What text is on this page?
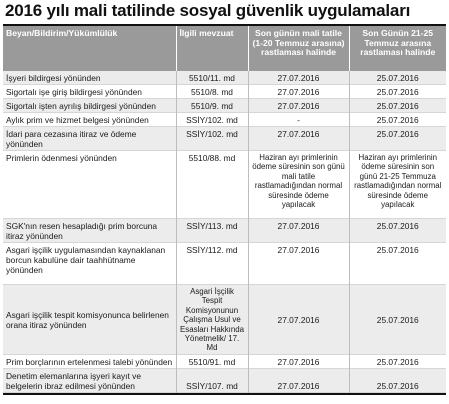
2016 yılı mali tatilinde sosyal güvenlik uygulamaları
Beyan/Bildirim/Yükümlülük	İlgili mevzuat	Son günün mali tatile (1-20 Temmuz arasına) rastlaması halinde	Son Günün 21-25 Temmuz arasına rastlaması halinde
İşyeri bildirgesi yönünden	5510/11. md	27.07.2016	25.07.2016
Sigortalı işe giriş bildirgesi yönünden	5510/8. md	27.07.2016	25.07.2016
Sigortalı işten ayrılış bildirgesi yönünden	5510/9. md	27.07.2016	25.07.2016
Aylık prim ve hizmet belgesi yönünden	SSİY/102. md	-	25.07.2016
İdari para cezasına itiraz ve ödeme yönünden	SSİY/102. md	27.07.2016	25.07.2016
Primlerin ödenmesi yönünden	5510/88. md	Haziran ayı primlerinin ödeme süresinin son günü mali tatile rastlamadığından normal süresinde ödeme yapılacak	Haziran ayı primlerinin ödeme süresinin son günü 21-25 Temmuza rastlamadığından normal süresinde ödeme yapılacak
SGK'nın resen hesapladığı prim borcuna itiraz yönünden	SSİY/113. md	27.07.2016	25.07.2016
Asgari işçilik uygulamasından kaynaklanan borcun kabulüne dair taahhütname yönünden	SSİY/112. md	27.07.2016	25.07.2016
Asgari işçilik tespit komisyonunca belirlenen orana itiraz yönünden	Asgari İşçilik Tespit Komisyonunun Çalışma Usul ve Esasları Hakkında Yönetmelik/ 17. Md	27.07.2016	25.07.2016
Prim borçlarının ertelenmesi talebi yönünden	5510/91. md	27.07.2016	25.07.2016
Denetim elemanlarına işyeri kayıt ve belgelerin ibraz edilmesi yönünden	SSİY/107. md	27.07.2016	25.07.2016
